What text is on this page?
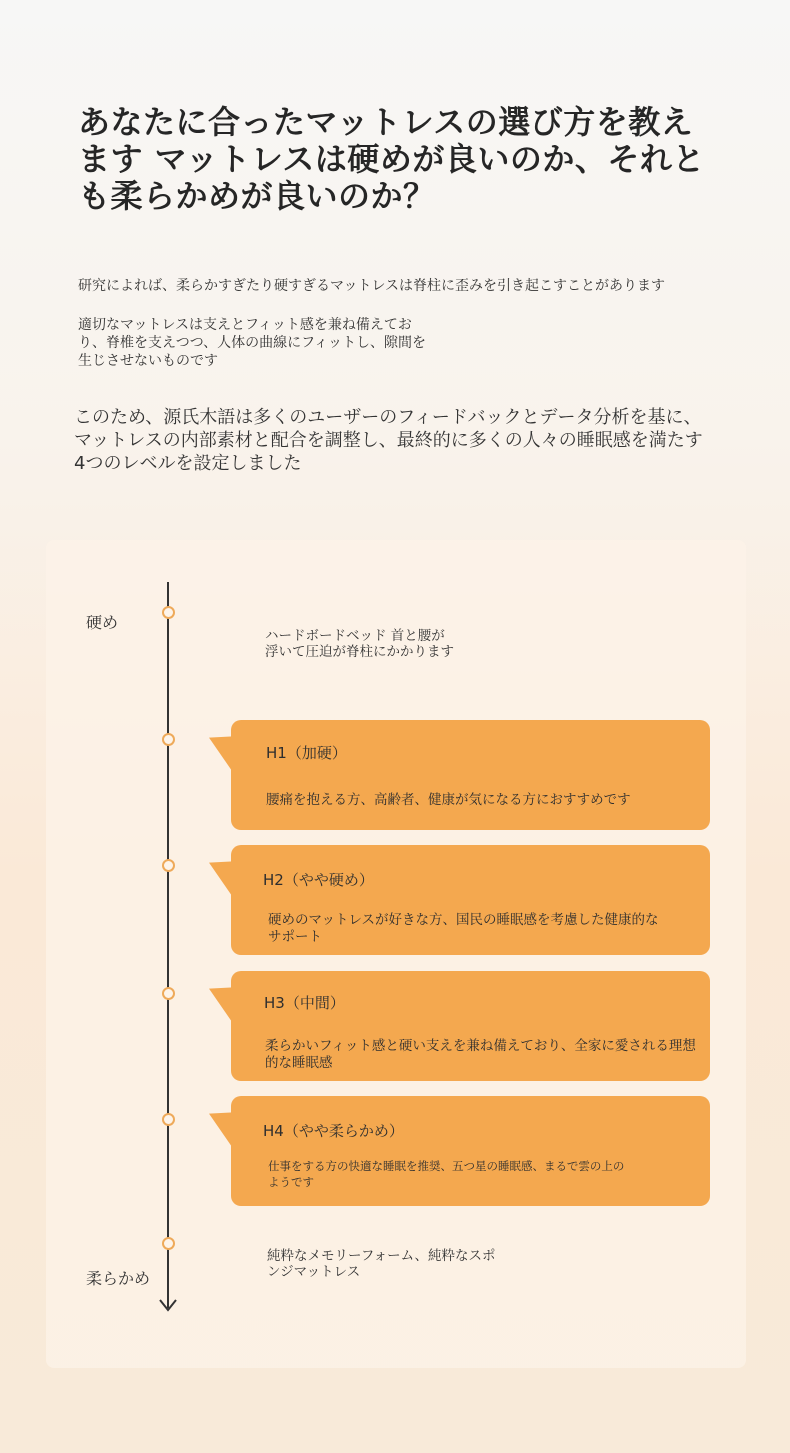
あなたに合ったマットレスの選び方を教えます マットレスは硬めが良いのか、それとも柔らかめが良いのか？

研究によれば、柔らかすぎたり硬すぎるマットレスは脊柱に歪みを引き起こすことがあります

適切なマットレスは支えとフィット感を兼ね備えており、脊椎を支えつつ、人体の曲線にフィットし、隙間を生じさせないものです

このため、源氏木語は多くのユーザーのフィードバックとデータ分析を基に、マットレスの内部素材と配合を調整し、最終的に多くの人々の睡眠感を満たす4つのレベルを設定しました

硬め
柔らかめ
ハードボードベッド 首と腰が浮いて圧迫が脊柱にかかります
純粋なメモリーフォーム、純粋なスポンジマットレス
H1（加硬）
腰痛を抱える方、高齢者、健康が気になる方におすすめです
H2（やや硬め）
硬めのマットレスが好きな方、国民の睡眠感を考慮した健康的なサポート
H3（中間）
柔らかいフィット感と硬い支えを兼ね備えており、全家に愛される理想的な睡眠感
H4（やや柔らかめ）
仕事をする方の快適な睡眠を推奨、五つ星の睡眠感、まるで雲の上のようです
